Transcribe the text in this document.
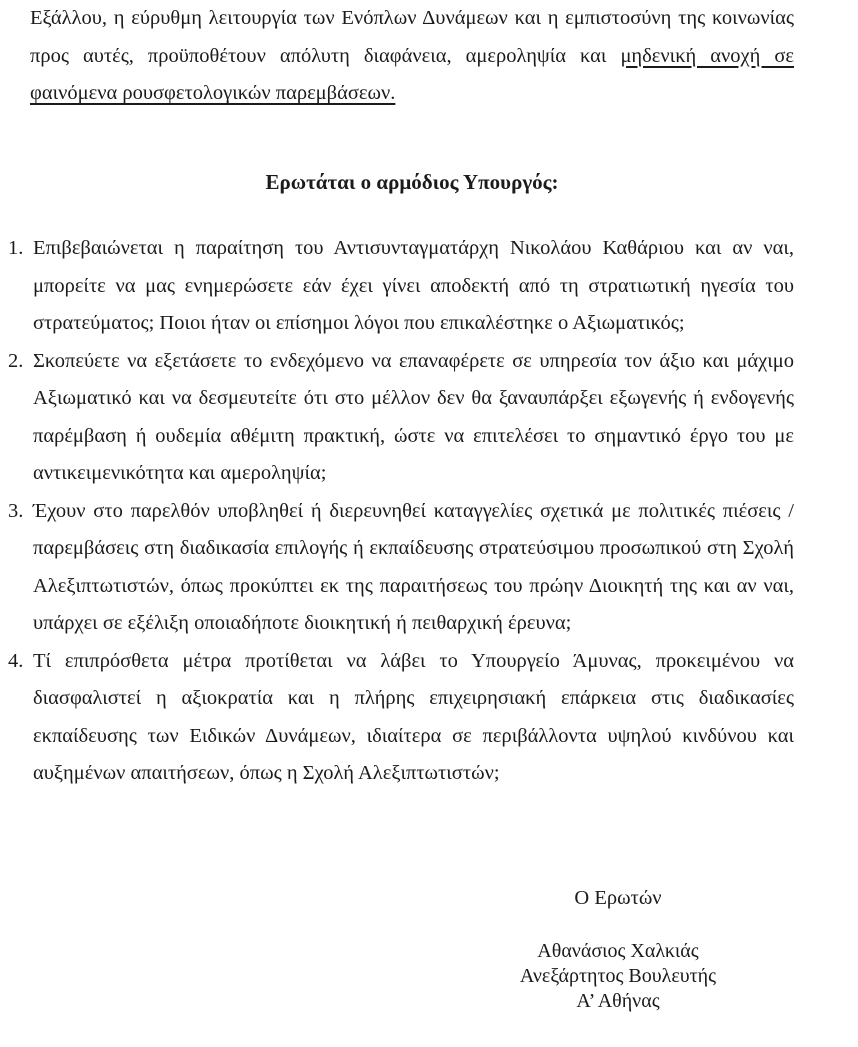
Εξάλλου, η εύρυθμη λειτουργία των Ενόπλων Δυνάμεων και η εμπιστοσύνη της κοινωνίας προς αυτές, προϋποθέτουν απόλυτη διαφάνεια, αμεροληψία και μηδενική ανοχή σε φαινόμενα ρουσφετολογικών παρεμβάσεων.

Ερωτάται ο αρμόδιος Υπουργός:
1. Επιβεβαιώνεται η παραίτηση του Αντισυνταγματάρχη Νικολάου Καθάριου και αν ναι, μπορείτε να μας ενημερώσετε εάν έχει γίνει αποδεκτή από τη στρατιωτική ηγεσία του στρατεύματος; Ποιοι ήταν οι επίσημοι λόγοι που επικαλέστηκε ο Αξιωματικός;
2. Σκοπεύετε να εξετάσετε το ενδεχόμενο να επαναφέρετε σε υπηρεσία τον άξιο και μάχιμο Αξιωματικό και να δεσμευτείτε ότι στο μέλλον δεν θα ξαναυπάρξει εξωγενής ή ενδογενής παρέμβαση ή ουδεμία αθέμιτη πρακτική, ώστε να επιτελέσει το σημαντικό έργο του με αντικειμενικότητα και αμεροληψία;
3. Έχουν στο παρελθόν υποβληθεί ή διερευνηθεί καταγγελίες σχετικά με πολιτικές πιέσεις / παρεμβάσεις στη διαδικασία επιλογής ή εκπαίδευσης στρατεύσιμου προσωπικού στη Σχολή Αλεξιπτωτιστών, όπως προκύπτει εκ της παραιτήσεως του πρώην Διοικητή της και αν ναι, υπάρχει σε εξέλιξη οποιαδήποτε διοικητική ή πειθαρχική έρευνα;
4. Τί επιπρόσθετα μέτρα προτίθεται να λάβει το Υπουργείο Άμυνας, προκειμένου να διασφαλιστεί η αξιοκρατία και η πλήρης επιχειρησιακή επάρκεια στις διαδικασίες εκπαίδευσης των Ειδικών Δυνάμεων, ιδιαίτερα σε περιβάλλοντα υψηλού κινδύνου και αυξημένων απαιτήσεων, όπως η Σχολή Αλεξιπτωτιστών;
Ο Ερωτών
Αθανάσιος Χαλκιάς
Ανεξάρτητος Βουλευτής
Α’ Αθήνας
